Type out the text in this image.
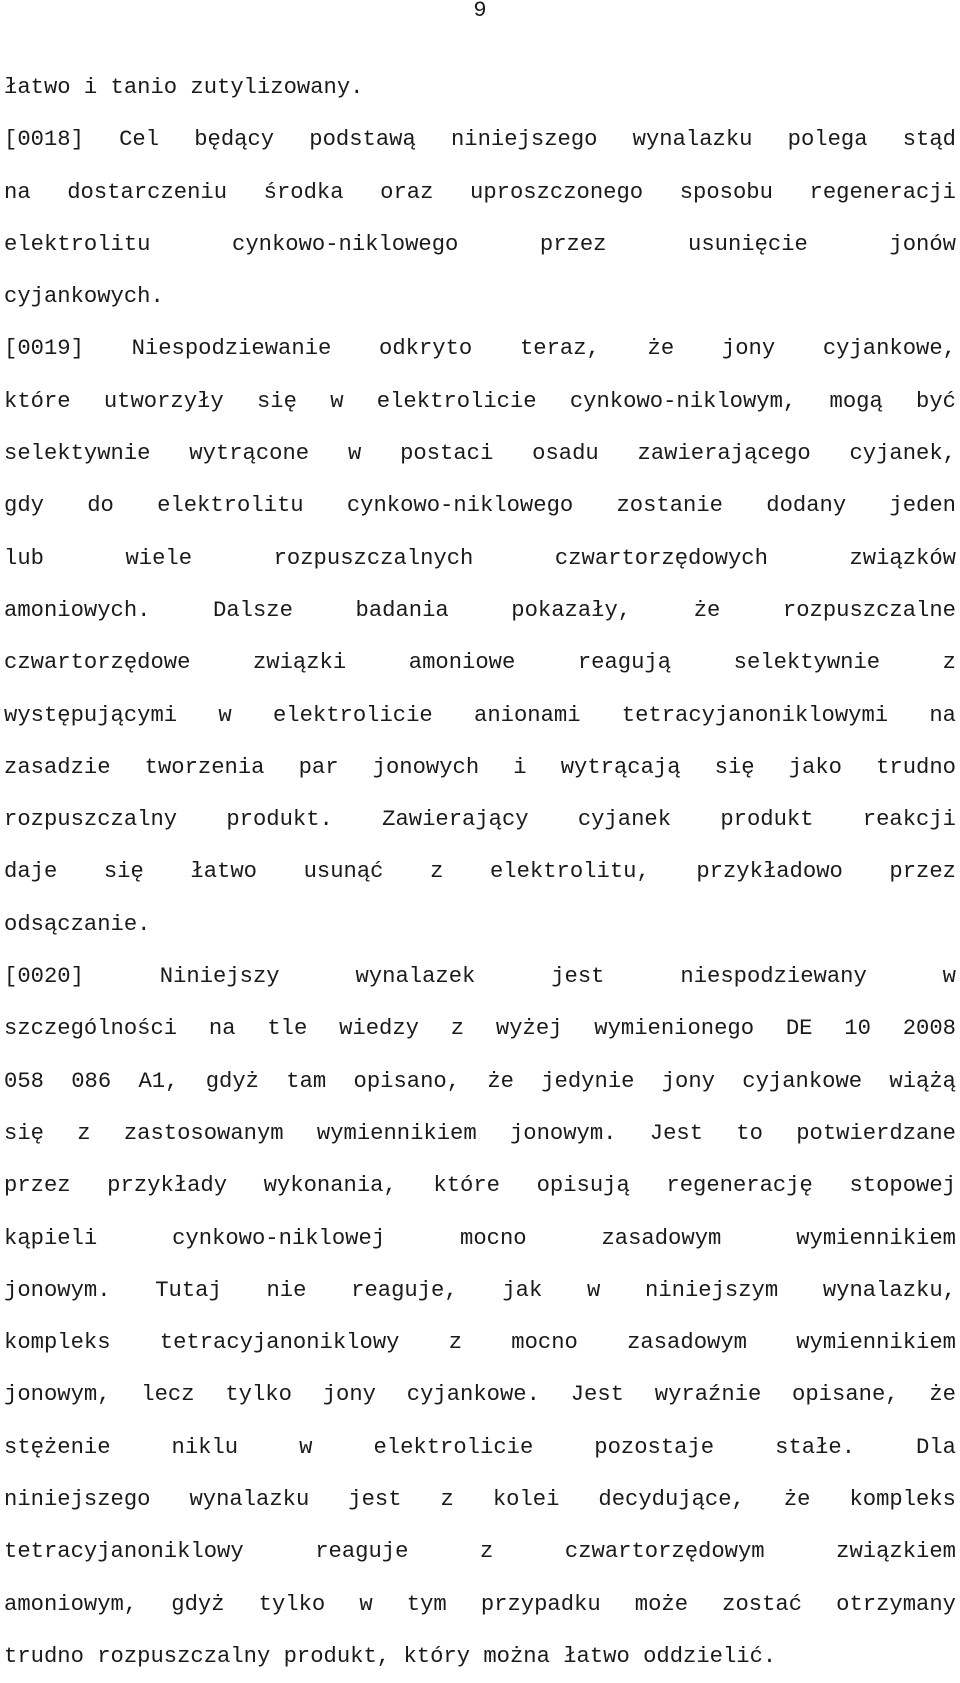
9
łatwo i tanio zutylizowany.
[0018] Cel będący podstawą niniejszego wynalazku polega stąd
na dostarczeniu środka oraz uproszczonego sposobu regeneracji
elektrolitu cynkowo-niklowego przez usunięcie jonów
cyjankowych.
[0019] Niespodziewanie odkryto teraz, że jony cyjankowe,
które utworzyły się w elektrolicie cynkowo-niklowym, mogą być
selektywnie wytrącone w postaci osadu zawierającego cyjanek,
gdy do elektrolitu cynkowo-niklowego zostanie dodany jeden
lub wiele rozpuszczalnych czwartorzędowych związków
amoniowych. Dalsze badania pokazały, że rozpuszczalne
czwartorzędowe związki amoniowe reagują selektywnie z
występującymi w elektrolicie anionami tetracyjanoniklowymi na
zasadzie tworzenia par jonowych i wytrącają się jako trudno
rozpuszczalny produkt. Zawierający cyjanek produkt reakcji
daje się łatwo usunąć z elektrolitu, przykładowo przez
odsączanie.
[0020] Niniejszy wynalazek jest niespodziewany w
szczególności na tle wiedzy z wyżej wymienionego DE 10 2008
058 086 A1, gdyż tam opisano, że jedynie jony cyjankowe wiążą
się z zastosowanym wymiennikiem jonowym. Jest to potwierdzane
przez przykłady wykonania, które opisują regenerację stopowej
kąpieli cynkowo-niklowej mocno zasadowym wymiennikiem
jonowym. Tutaj nie reaguje, jak w niniejszym wynalazku,
kompleks tetracyjanoniklowy z mocno zasadowym wymiennikiem
jonowym, lecz tylko jony cyjankowe. Jest wyraźnie opisane, że
stężenie niklu w elektrolicie pozostaje stałe. Dla
niniejszego wynalazku jest z kolei decydujące, że kompleks
tetracyjanoniklowy reaguje z czwartorzędowym związkiem
amoniowym, gdyż tylko w tym przypadku może zostać otrzymany
trudno rozpuszczalny produkt, który można łatwo oddzielić.
